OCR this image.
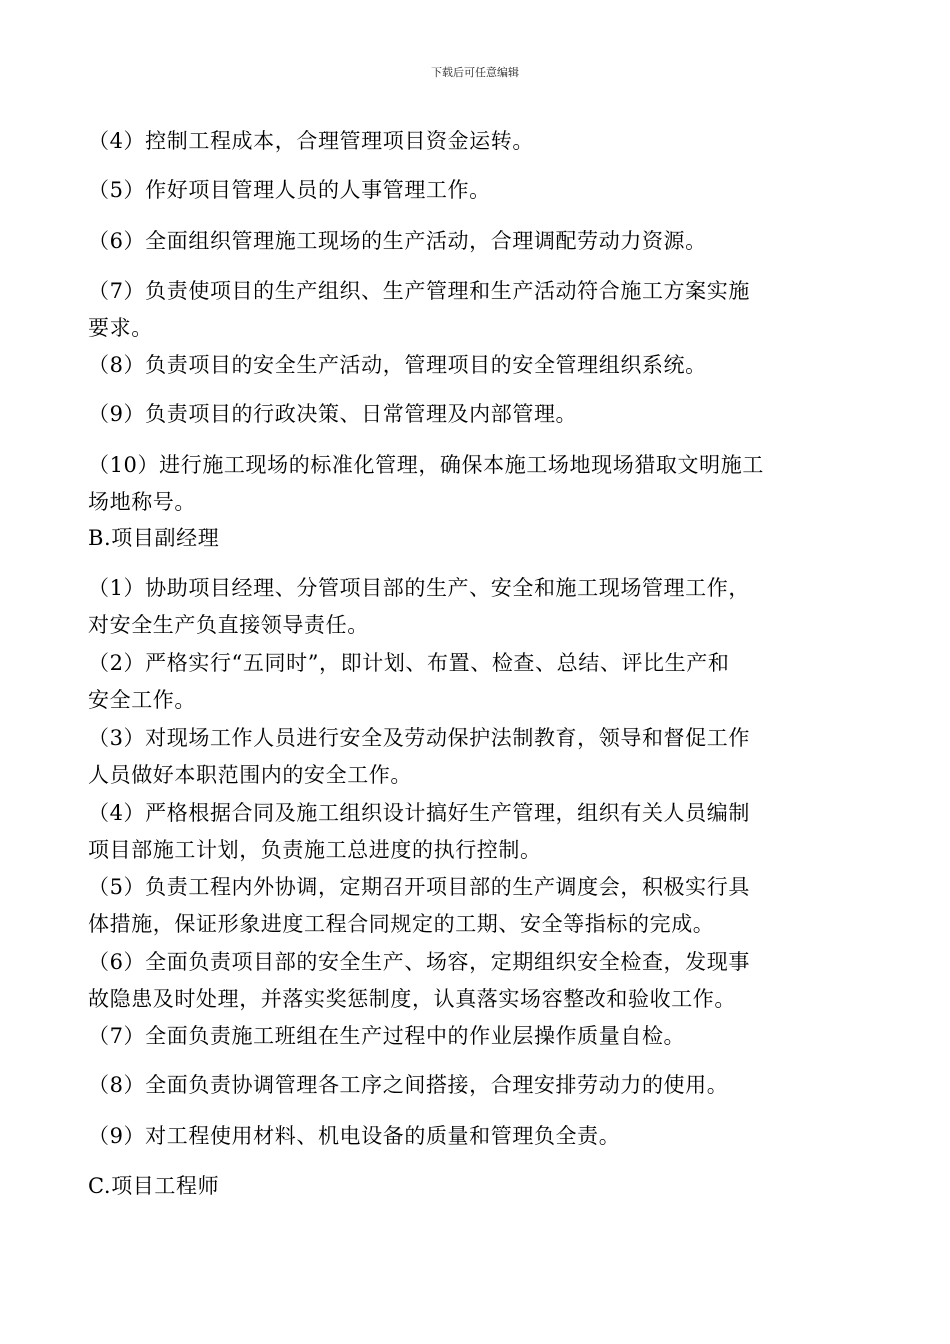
下载后可任意编辑
（4）控制工程成本，合理管理项目资金运转。
（5）作好项目管理人员的人事管理工作。
（6）全面组织管理施工现场的生产活动，合理调配劳动力资源。
（7）负责使项目的生产组织、生产管理和生产活动符合施工方案实施
要求。
（8）负责项目的安全生产活动，管理项目的安全管理组织系统。
（9）负责项目的行政决策、日常管理及内部管理。
（10）进行施工现场的标准化管理，确保本施工场地现场猎取文明施工
场地称号。
B.项目副经理
（1）协助项目经理、分管项目部的生产、安全和施工现场管理工作，
对安全生产负直接领导责任。
（2）严格实行“五同时”，即计划、布置、检查、总结、评比生产和
安全工作。
（3）对现场工作人员进行安全及劳动保护法制教育，领导和督促工作
人员做好本职范围内的安全工作。
（4）严格根据合同及施工组织设计搞好生产管理，组织有关人员编制
项目部施工计划，负责施工总进度的执行控制。
（5）负责工程内外协调，定期召开项目部的生产调度会，积极实行具
体措施，保证形象进度工程合同规定的工期、安全等指标的完成。
（6）全面负责项目部的安全生产、场容，定期组织安全检查，发现事
故隐患及时处理，并落实奖惩制度，认真落实场容整改和验收工作。
（7）全面负责施工班组在生产过程中的作业层操作质量自检。
（8）全面负责协调管理各工序之间搭接，合理安排劳动力的使用。
（9）对工程使用材料、机电设备的质量和管理负全责。
C.项目工程师
